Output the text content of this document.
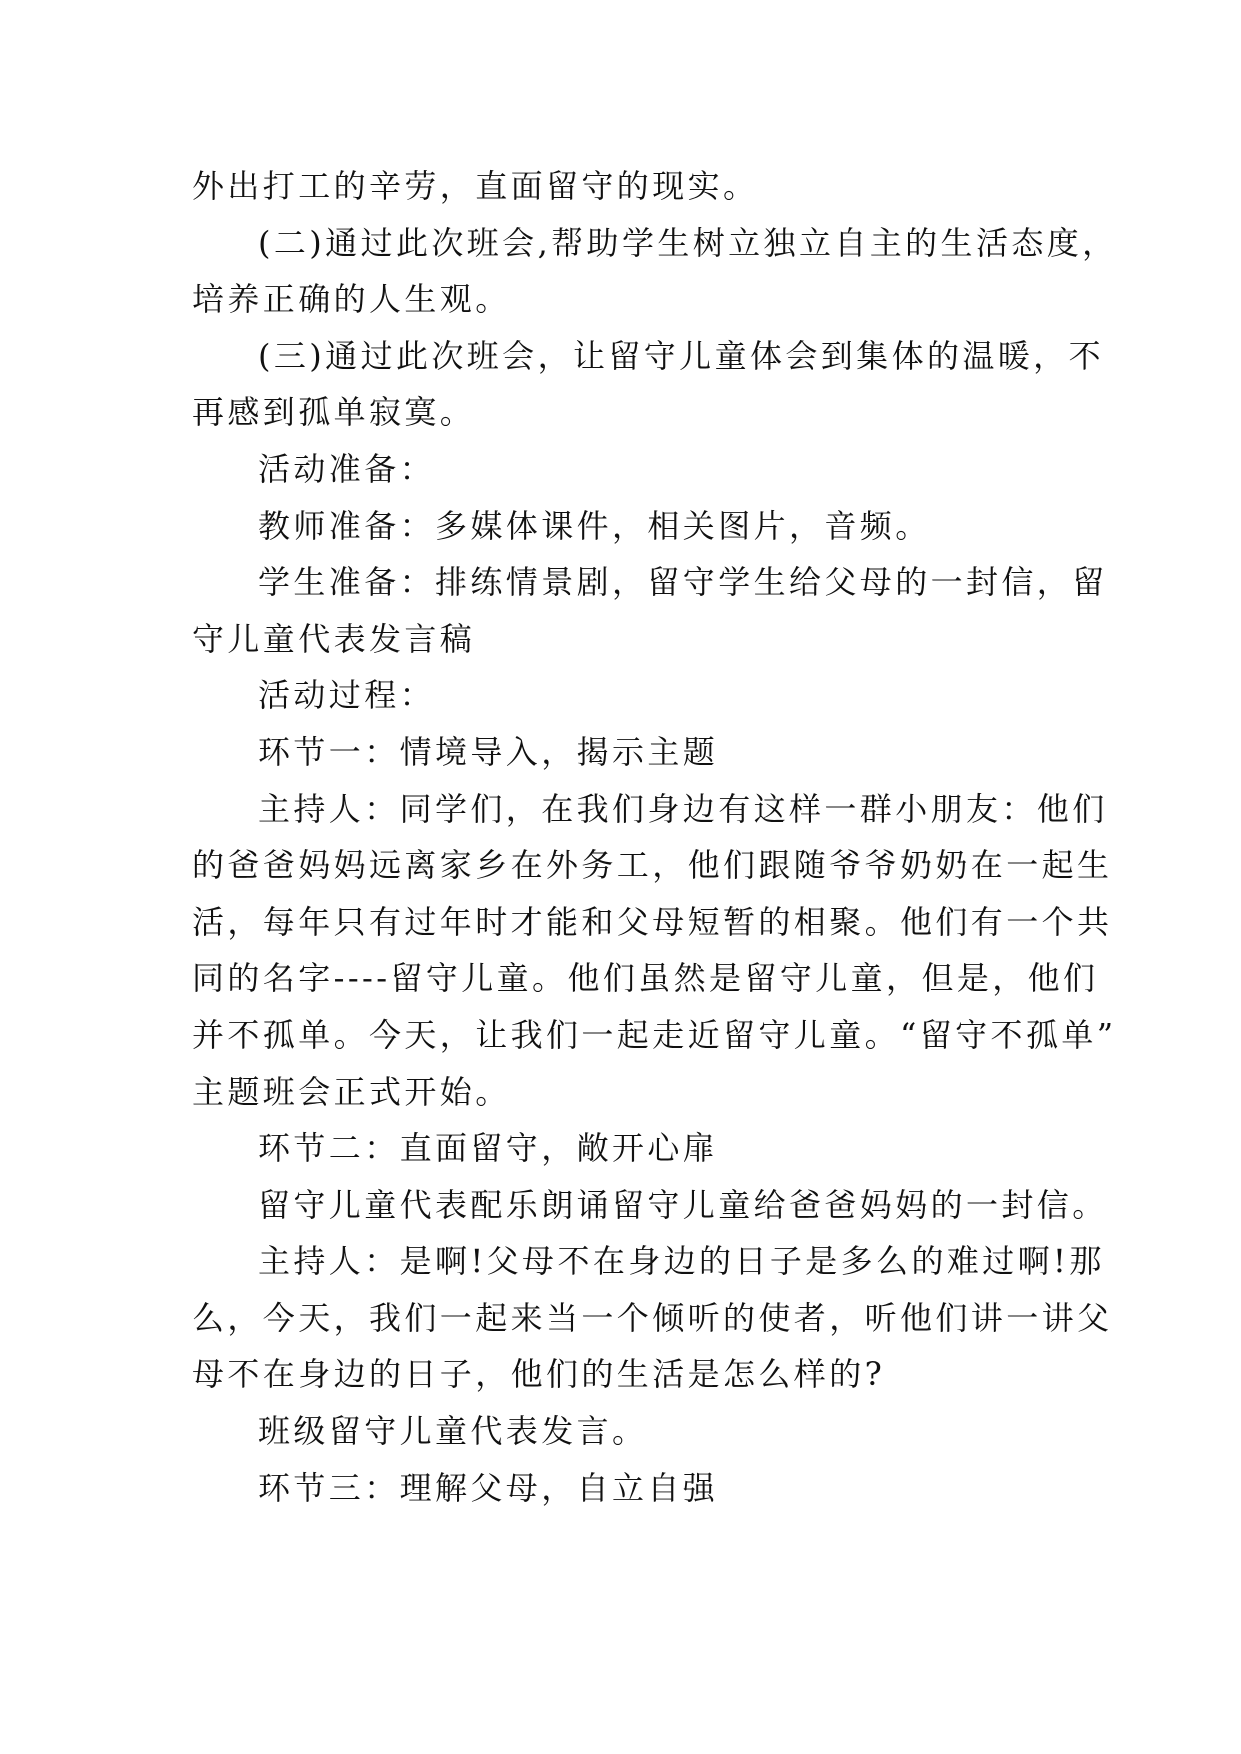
外出打工的辛劳，直面留守的现实。
(二)通过此次班会,帮助学生树立独立自主的生活态度，
培养正确的人生观。
(三)通过此次班会，让留守儿童体会到集体的温暖，不
再感到孤单寂寞。
活动准备：
教师准备：多媒体课件，相关图片，音频。
学生准备：排练情景剧，留守学生给父母的一封信，留
守儿童代表发言稿
活动过程：
环节一：情境导入，揭示主题
主持人：同学们，在我们身边有这样一群小朋友：他们
的爸爸妈妈远离家乡在外务工，他们跟随爷爷奶奶在一起生
活，每年只有过年时才能和父母短暂的相聚。他们有一个共
同的名字----留守儿童。他们虽然是留守儿童，但是，他们
并不孤单。今天，让我们一起走近留守儿童。“留守不孤单”
主题班会正式开始。
环节二：直面留守，敞开心扉
留守儿童代表配乐朗诵留守儿童给爸爸妈妈的一封信。
主持人：是啊!父母不在身边的日子是多么的难过啊!那
么，今天，我们一起来当一个倾听的使者，听他们讲一讲父
母不在身边的日子，他们的生活是怎么样的?
班级留守儿童代表发言。
环节三：理解父母，自立自强
